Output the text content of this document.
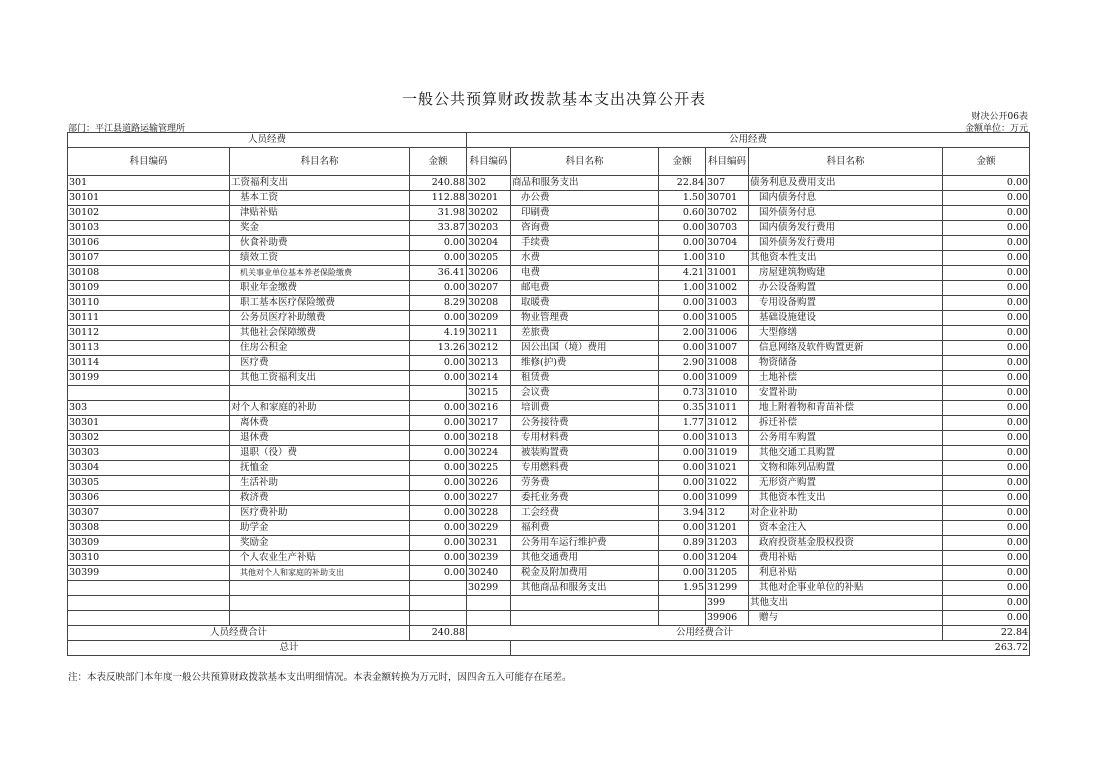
一般公共预算财政拨款基本支出决算公开表
财决公开06表
金额单位：万元
部门：平江县道路运输管理所
人员经费			公用经费					
科目编码	科目名称	金额	科目编码	科目名称	金额	科目编码	科目名称	金额
301	工资福利支出	240.88	302	商品和服务支出	22.84	307	债务利息及费用支出	0.00
30101	基本工资	112.88	30201	办公费	1.50	30701	国内债务付息	0.00
30102	津贴补贴	31.98	30202	印刷费	0.60	30702	国外债务付息	0.00
30103	奖金	33.87	30203	咨询费	0.00	30703	国内债务发行费用	0.00
30106	伙食补助费	0.00	30204	手续费	0.00	30704	国外债务发行费用	0.00
30107	绩效工资	0.00	30205	水费	1.00	310	其他资本性支出	0.00
30108	机关事业单位基本养老保险缴费	36.41	30206	电费	4.21	31001	房屋建筑物购建	0.00
30109	职业年金缴费	0.00	30207	邮电费	1.00	31002	办公设备购置	0.00
30110	职工基本医疗保险缴费	8.29	30208	取暖费	0.00	31003	专用设备购置	0.00
30111	公务员医疗补助缴费	0.00	30209	物业管理费	0.00	31005	基础设施建设	0.00
30112	其他社会保障缴费	4.19	30211	差旅费	2.00	31006	大型修缮	0.00
30113	住房公积金	13.26	30212	因公出国（境）费用	0.00	31007	信息网络及软件购置更新	0.00
30114	医疗费	0.00	30213	维修(护)费	2.90	31008	物资储备	0.00
30199	其他工资福利支出	0.00	30214	租赁费	0.00	31009	土地补偿	0.00
			30215	会议费	0.73	31010	安置补助	0.00
303	对个人和家庭的补助	0.00	30216	培训费	0.35	31011	地上附着物和青苗补偿	0.00
30301	离休费	0.00	30217	公务接待费	1.77	31012	拆迁补偿	0.00
30302	退休费	0.00	30218	专用材料费	0.00	31013	公务用车购置	0.00
30303	退职（役）费	0.00	30224	被装购置费	0.00	31019	其他交通工具购置	0.00
30304	抚恤金	0.00	30225	专用燃料费	0.00	31021	文物和陈列品购置	0.00
30305	生活补助	0.00	30226	劳务费	0.00	31022	无形资产购置	0.00
30306	救济费	0.00	30227	委托业务费	0.00	31099	其他资本性支出	0.00
30307	医疗费补助	0.00	30228	工会经费	3.94	312	对企业补助	0.00
30308	助学金	0.00	30229	福利费	0.00	31201	资本金注入	0.00
30309	奖励金	0.00	30231	公务用车运行维护费	0.89	31203	政府投资基金股权投资	0.00
30310	个人农业生产补贴	0.00	30239	其他交通费用	0.00	31204	费用补贴	0.00
30399	其他对个人和家庭的补助支出	0.00	30240	税金及附加费用	0.00	31205	利息补贴	0.00
			30299	其他商品和服务支出	1.95	31299	其他对企事业单位的补贴	0.00
						399	其他支出	0.00
						39906	赠与	0.00
人员经费合计		240.88	公用经费合计					22.84
总计				263.72				
注：本表反映部门本年度一般公共预算财政拨款基本支出明细情况。本表金额转换为万元时，因四舍五入可能存在尾差。
